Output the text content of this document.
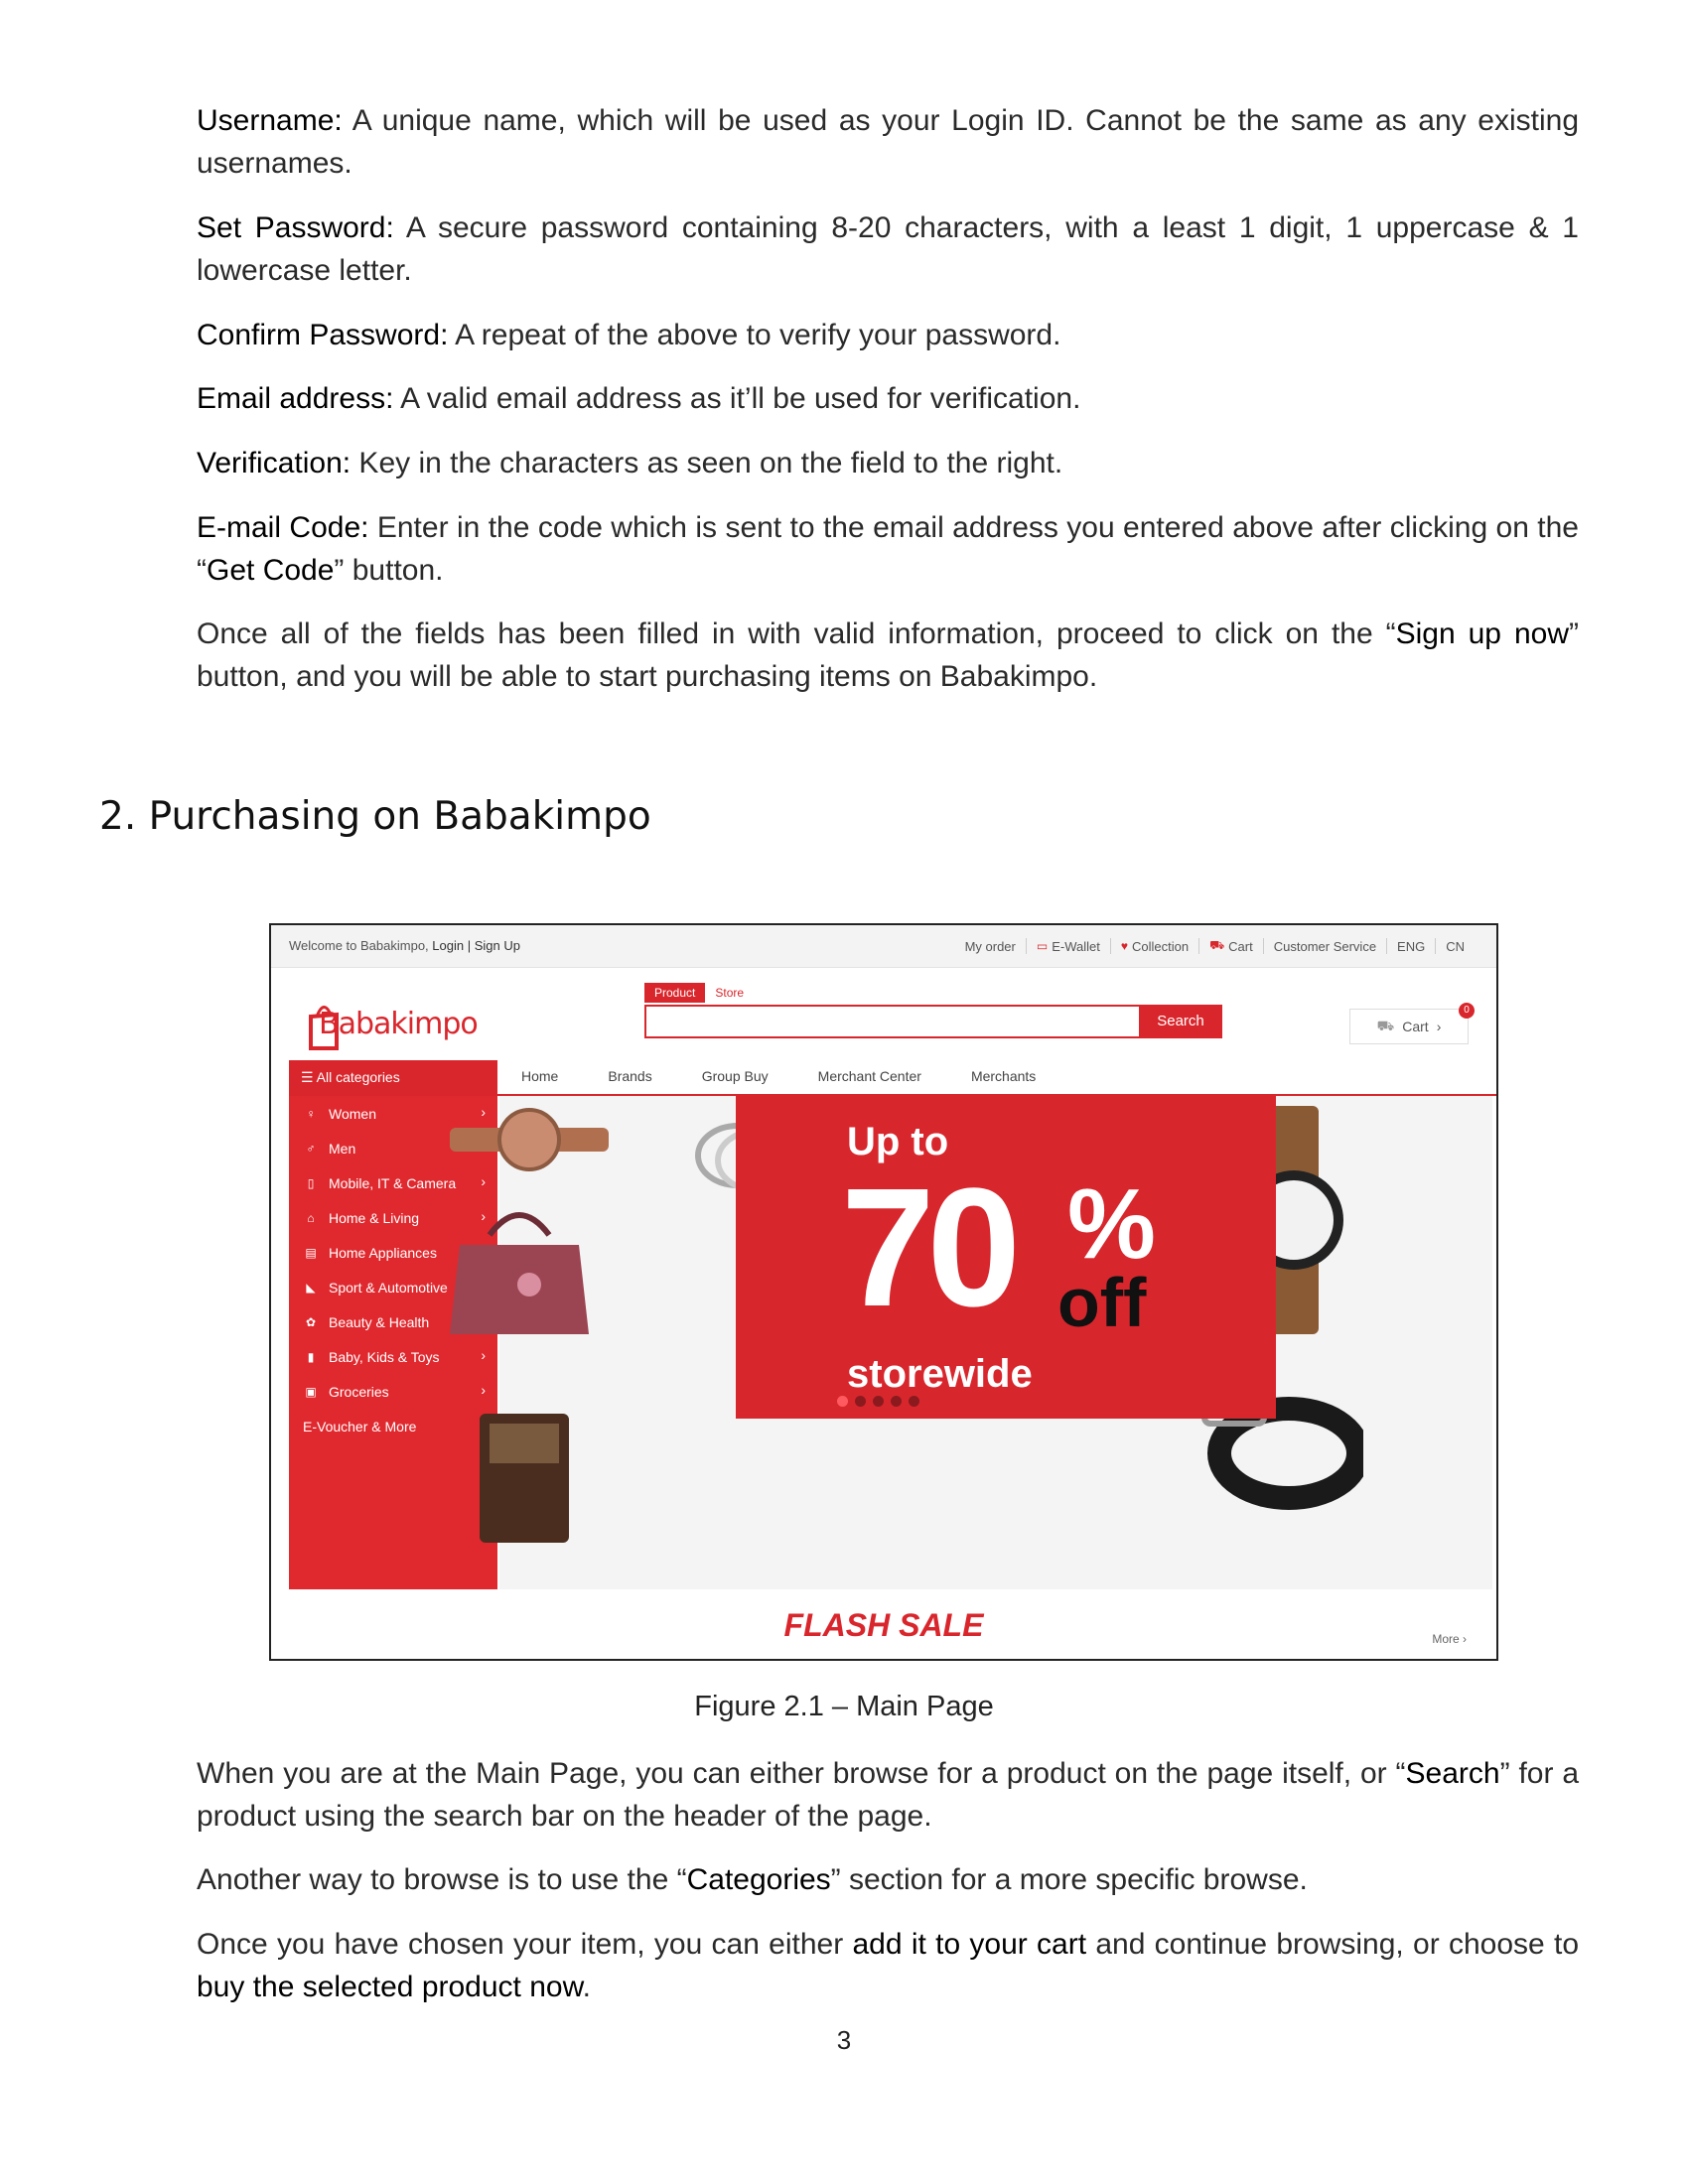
Username: A unique name, which will be used as your Login ID. Cannot be the same as any existing usernames.

Set Password: A secure password containing 8-20 characters, with a least 1 digit, 1 uppercase & 1 lowercase letter.

Confirm Password: A repeat of the above to verify your password.

Email address: A valid email address as it’ll be used for verification.

Verification: Key in the characters as seen on the field to the right.

E-mail Code: Enter in the code which is sent to the email address you entered above after clicking on the “Get Code” button.

Once all of the fields has been filled in with valid information, proceed to click on the “Sign up now” button, and you will be able to start purchasing items on Babakimpo.

2. Purchasing on Babakimpo
Welcome to Babakimpo, Login | Sign Up	My order ▭ E-Wallet ♥ Collection ⛟ Cart Customer Service ENG CN
Babakimpo
Product	Store
Search	⛟ Cart ›
0
☰ All categories	Home	Brands	Group Buy	Merchant Center	Merchants
♀ Women	›
♂ Men
▯	Mobile, IT & Camera ›
⌂	Home & Living	›
▤ Home Appliances
◣ Sport & Automotive
✿ Beauty & Health
▮	Baby, Kids & Toys	›
▣ Groceries	›
E-Voucher & More
Up to
70 %
off
storewide
FLASH SALE	More ›
Figure 2.1 – Main Page

When you are at the Main Page, you can either browse for a product on the page itself, or “Search” for a product using the search bar on the header of the page.

Another way to browse is to use the “Categories” section for a more specific browse.

Once you have chosen your item, you can either add it to your cart and continue browsing, or choose to buy the selected product now.

3
